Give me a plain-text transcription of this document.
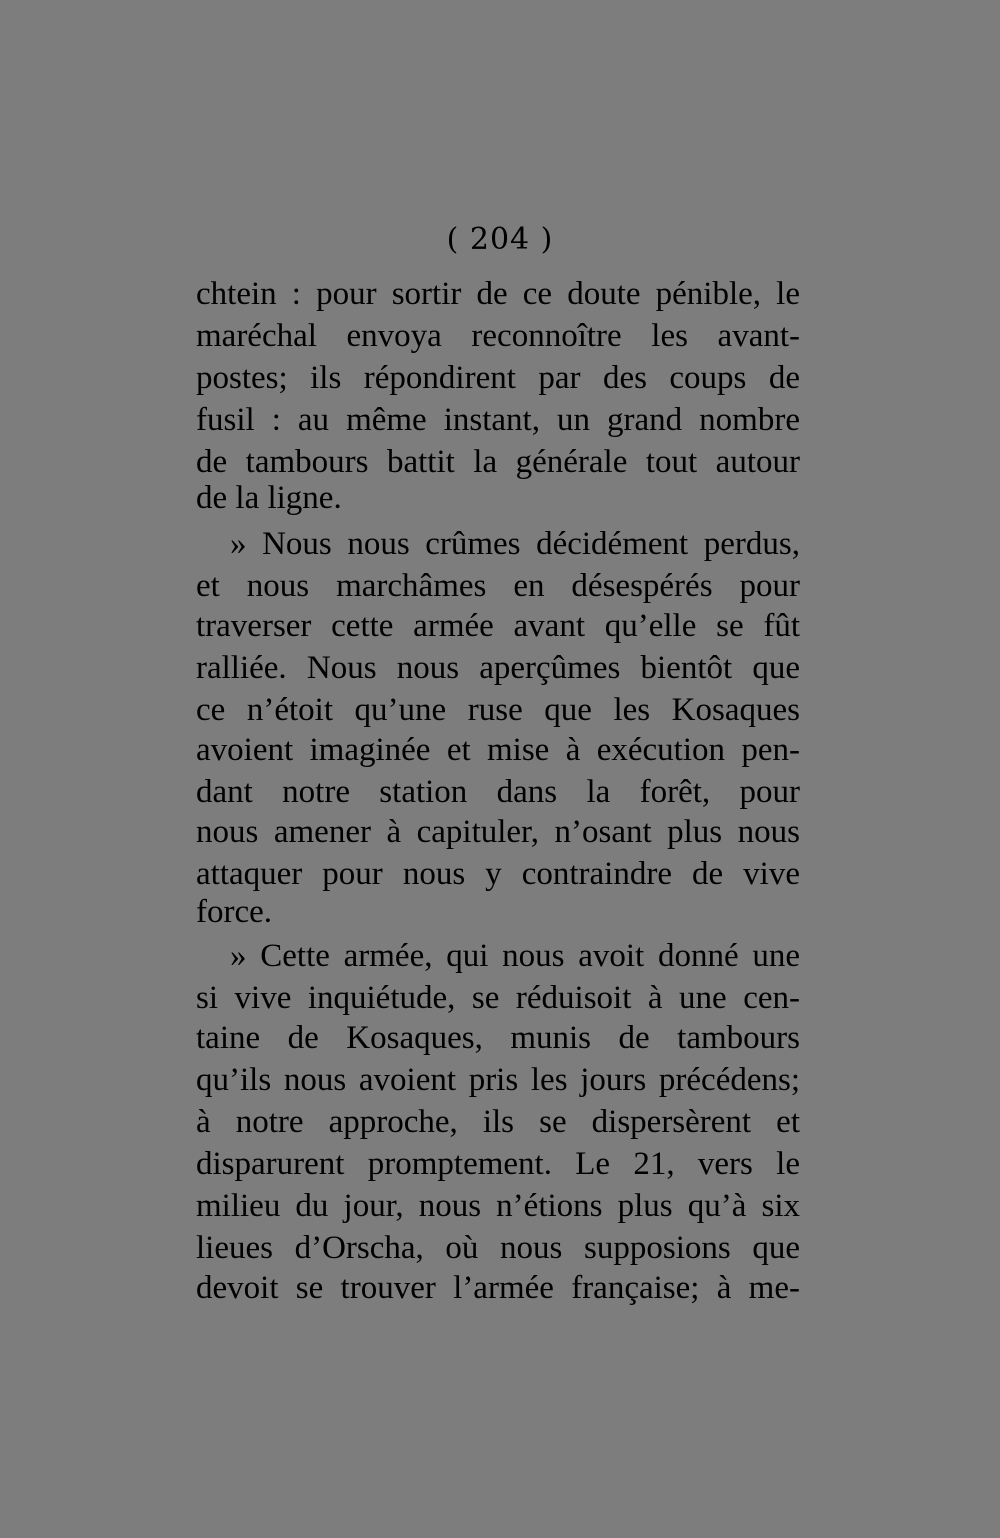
( 204 )
chtein : pour sortir de ce doute pénible, le
maréchal envoya reconnoître les avant-
postes; ils répondirent par des coups de
fusil : au même instant, un grand nombre
de tambours battit la générale tout autour
de la ligne.
» Nous nous crûmes décidément perdus,
et nous marchâmes en désespérés pour
traverser cette armée avant qu’elle se fût
ralliée. Nous nous aperçûmes bientôt que
ce n’étoit qu’une ruse que les Kosaques
avoient imaginée et mise à exécution pen-
dant notre station dans la forêt, pour
nous amener à capituler, n’osant plus nous
attaquer pour nous y contraindre de vive
force.
» Cette armée, qui nous avoit donné une
si vive inquiétude, se réduisoit à une cen-
taine de Kosaques, munis de tambours
qu’ils nous avoient pris les jours précédens;
à notre approche, ils se dispersèrent et
disparurent promptement. Le 21, vers le
milieu du jour, nous n’étions plus qu’à six
lieues d’Orscha, où nous supposions que
devoit se trouver l’armée française; à me-
